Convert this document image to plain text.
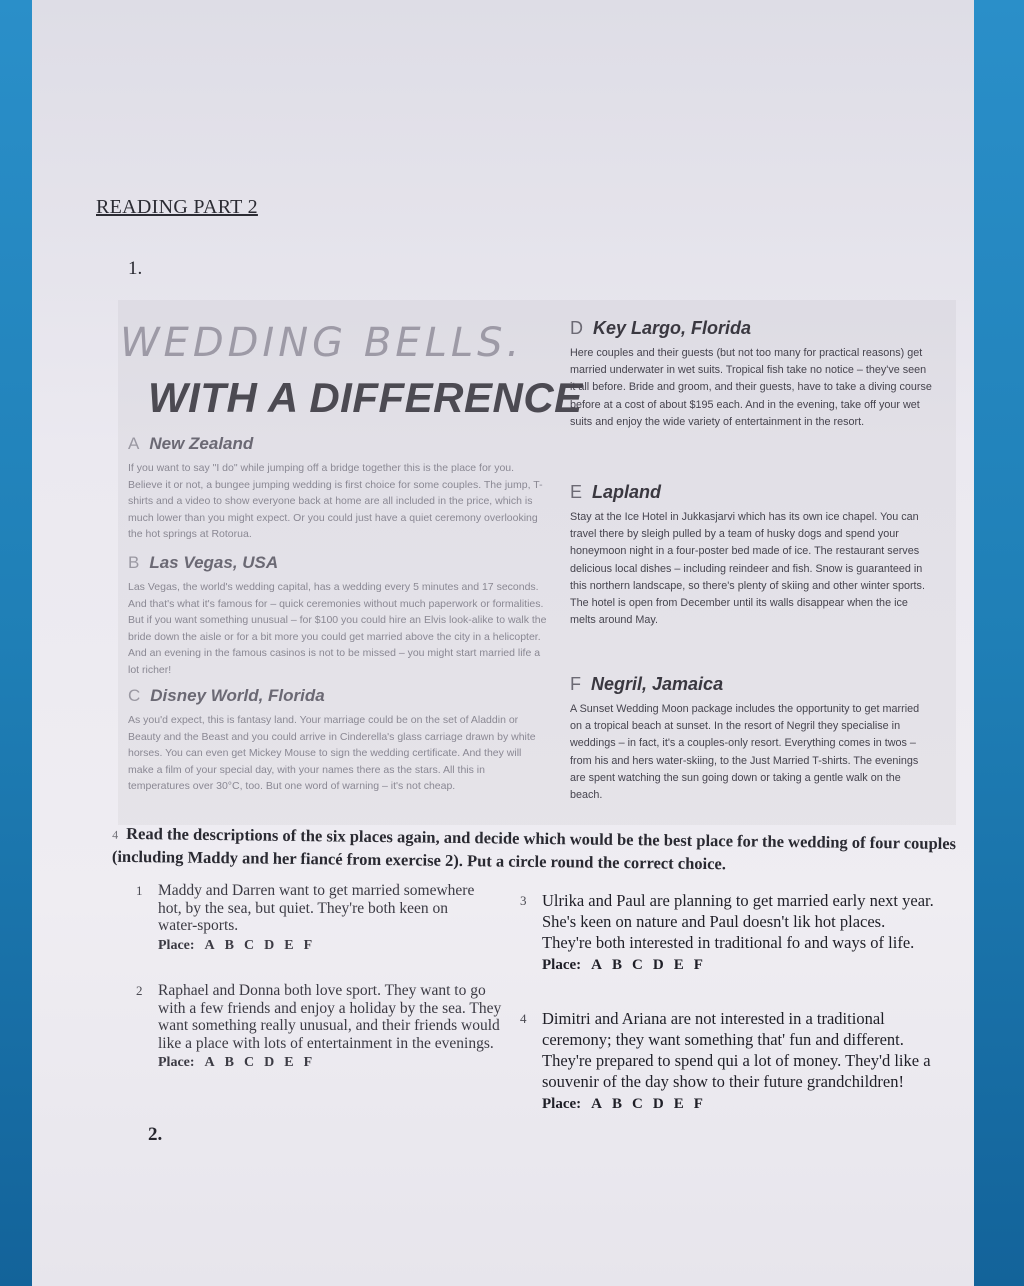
READING PART 2
1.
WEDDING BELLS.
WITH A DIFFERENCE
A New Zealand

If you want to say "I do" while jumping off a bridge together this is the place for you. Believe it or not, a bungee jumping wedding is first choice for some couples. The jump, T-shirts and a video to show everyone back at home are all included in the price, which is much lower than you might expect. Or you could just have a quiet ceremony overlooking the hot springs at Rotorua.

B Las Vegas, USA

Las Vegas, the world's wedding capital, has a wedding every 5 minutes and 17 seconds. And that's what it's famous for – quick ceremonies without much paperwork or formalities. But if you want something unusual – for $100 you could hire an Elvis look-alike to walk the bride down the aisle or for a bit more you could get married above the city in a helicopter. And an evening in the famous casinos is not to be missed – you might start married life a lot richer!

C Disney World, Florida

As you'd expect, this is fantasy land. Your marriage could be on the set of Aladdin or Beauty and the Beast and you could arrive in Cinderella's glass carriage drawn by white horses. You can even get Mickey Mouse to sign the wedding certificate. And they will make a film of your special day, with your names there as the stars. All this in temperatures over 30°C, too. But one word of warning – it's not cheap.

D Key Largo, Florida

Here couples and their guests (but not too many for practical reasons) get married underwater in wet suits. Tropical fish take no notice – they've seen it all before. Bride and groom, and their guests, have to take a diving course before at a cost of about $195 each. And in the evening, take off your wet suits and enjoy the wide variety of entertainment in the resort.

E Lapland

Stay at the Ice Hotel in Jukkasjarvi which has its own ice chapel. You can travel there by sleigh pulled by a team of husky dogs and spend your honeymoon night in a four-poster bed made of ice. The restaurant serves delicious local dishes – including reindeer and fish. Snow is guaranteed in this northern landscape, so there's plenty of skiing and other winter sports. The hotel is open from December until its walls disappear when the ice melts around May.

F Negril, Jamaica

A Sunset Wedding Moon package includes the opportunity to get married on a tropical beach at sunset. In the resort of Negril they specialise in weddings – in fact, it's a couples-only resort. Everything comes in twos – from his and hers water-skiing, to the Just Married T-shirts. The evenings are spent watching the sun going down or taking a gentle walk on the beach.

4 Read the descriptions of the six places again, and decide which would be the best place for the wedding of four couples (including Maddy and her fiancé from exercise 2). Put a circle round the correct choice.
1 Maddy and Darren want to get married somewhere hot, by the sea, but quiet. They're both keen on water-sports.
Place: A B C D E F
2 Raphael and Donna both love sport. They want to go with a few friends and enjoy a holiday by the sea. They want something really unusual, and their friends would like a place with lots of entertainment in the evenings.
Place: A B C D E F
3 Ulrika and Paul are planning to get married early next year. She's keen on nature and Paul doesn't lik hot places. They're both interested in traditional fo and ways of life.
Place: A B C D E F
4 Dimitri and Ariana are not interested in a traditional ceremony; they want something that' fun and different. They're prepared to spend qui a lot of money. They'd like a souvenir of the day show to their future grandchildren!
Place: A B C D E F
2.
